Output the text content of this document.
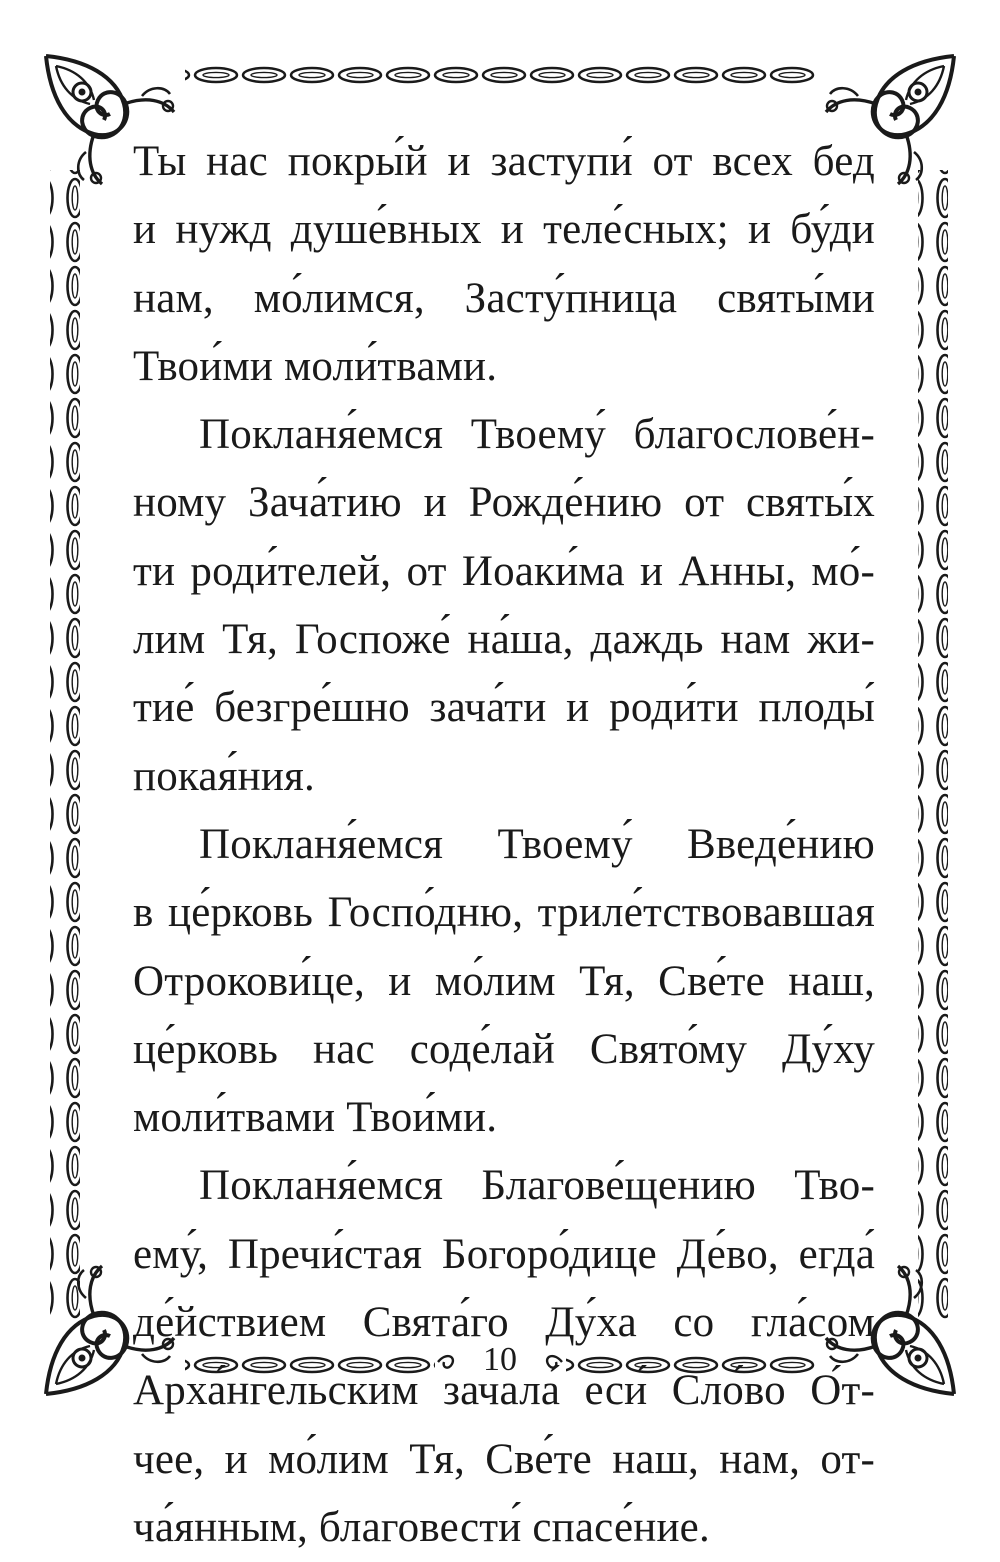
Ты нас покры́й и заступи́ от всех бед
и нужд душе́вных и теле́сных; и бу́ди
нам, мо́лимся, Засту́пница святы́ми
Твои́ми моли́твами.
Покланя́емся Твоему́ благослове́н-
ному Зача́тию и Рожде́нию от святы́х
ти роди́телей, от Иоаки́ма и Анны, мо́-
лим Тя, Госпоже́ на́ша, даждь нам жи-
тие́ безгре́шно зача́ти и роди́ти плоды́
покая́ния.
Покланя́емся Твоему́ Введе́нию
в це́рковь Госпо́дню, триле́тствовавшая
Отрокови́це, и мо́лим Тя, Све́те наш,
це́рковь нас соде́лай Свято́му Ду́ху
моли́твами Твои́ми.
Покланя́емся Благове́щению Тво-
ему́, Пречи́стая Богоро́дице Де́во, егда́
де́йствием Свята́го Ду́ха со гла́сом
Арха́нгельским зачала́ еси́ Сло́во О́т-
чее, и мо́лим Тя, Све́те наш, нам, от-
ча́янным, благовести́ спасе́ние.
10
